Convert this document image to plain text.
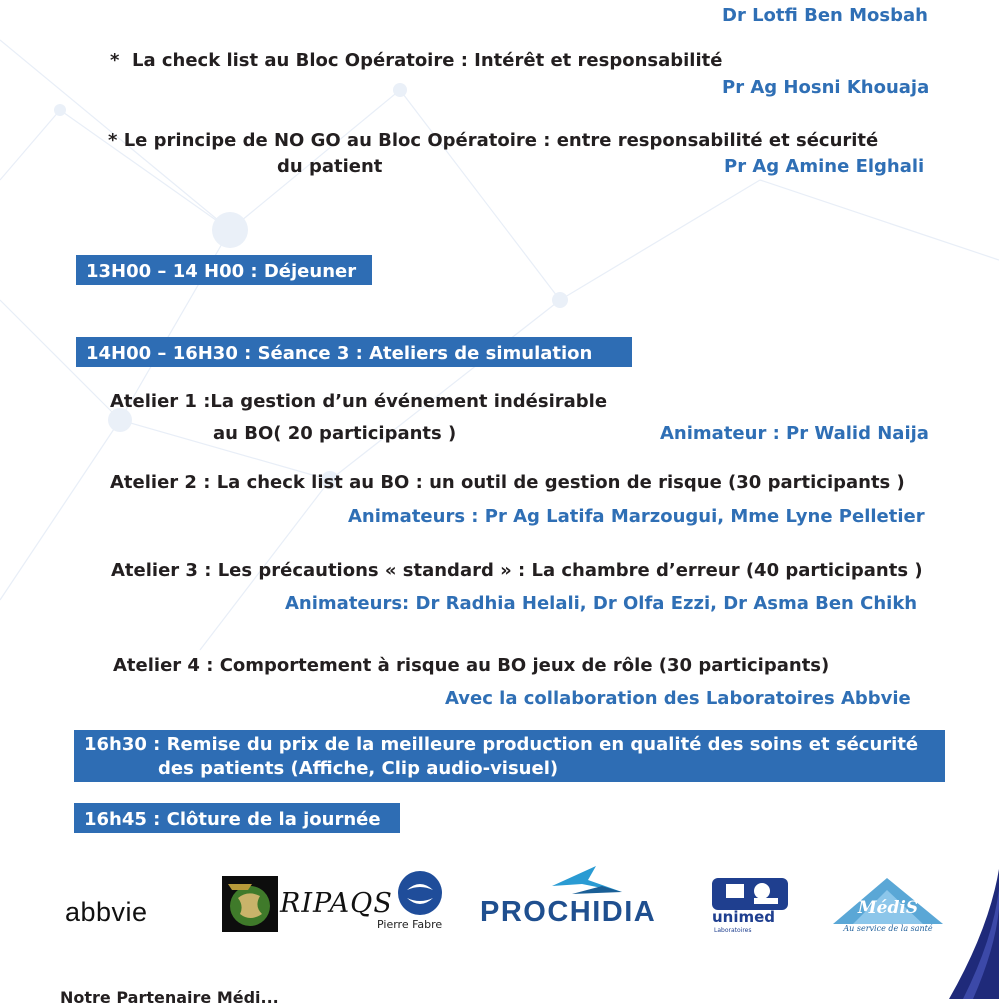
Dr Lotfi Ben Mosbah
* La check list au Bloc Opératoire : Intérêt et responsabilité
Pr Ag Hosni Khouaja
* Le principe de NO GO au Bloc Opératoire : entre responsabilité et sécurité
du patient	Pr Ag Amine Elghali
13H00 – 14 H00 : Déjeuner
14H00 – 16H30 : Séance 3 : Ateliers de simulation
Atelier 1 :La gestion d’un événement indésirable
au BO( 20 participants )	Animateur : Pr Walid Naija
Atelier 2 : La check list au BO : un outil de gestion de risque (30 participants )
Animateurs : Pr Ag Latifa Marzougui, Mme Lyne Pelletier
Atelier 3 : Les précautions « standard » : La chambre d’erreur (40 participants )
Animateurs: Dr Radhia Helali, Dr Olfa Ezzi, Dr Asma Ben Chikh
Atelier 4 : Comportement à risque au BO jeux de rôle (30 participants)
Avec la collaboration des Laboratoires Abbvie
16h30 : Remise du prix de la meilleure production en qualité des soins et sécurité
des patients (Affiche, Clip audio-visuel)
16h45 : Clôture de la journée
abbvie	RIPAQS
Pierre Fabre PROCHIDIA	unimed
Laboratoires
MédiS
Au service de la santé
Notre Partenaire Médi...
